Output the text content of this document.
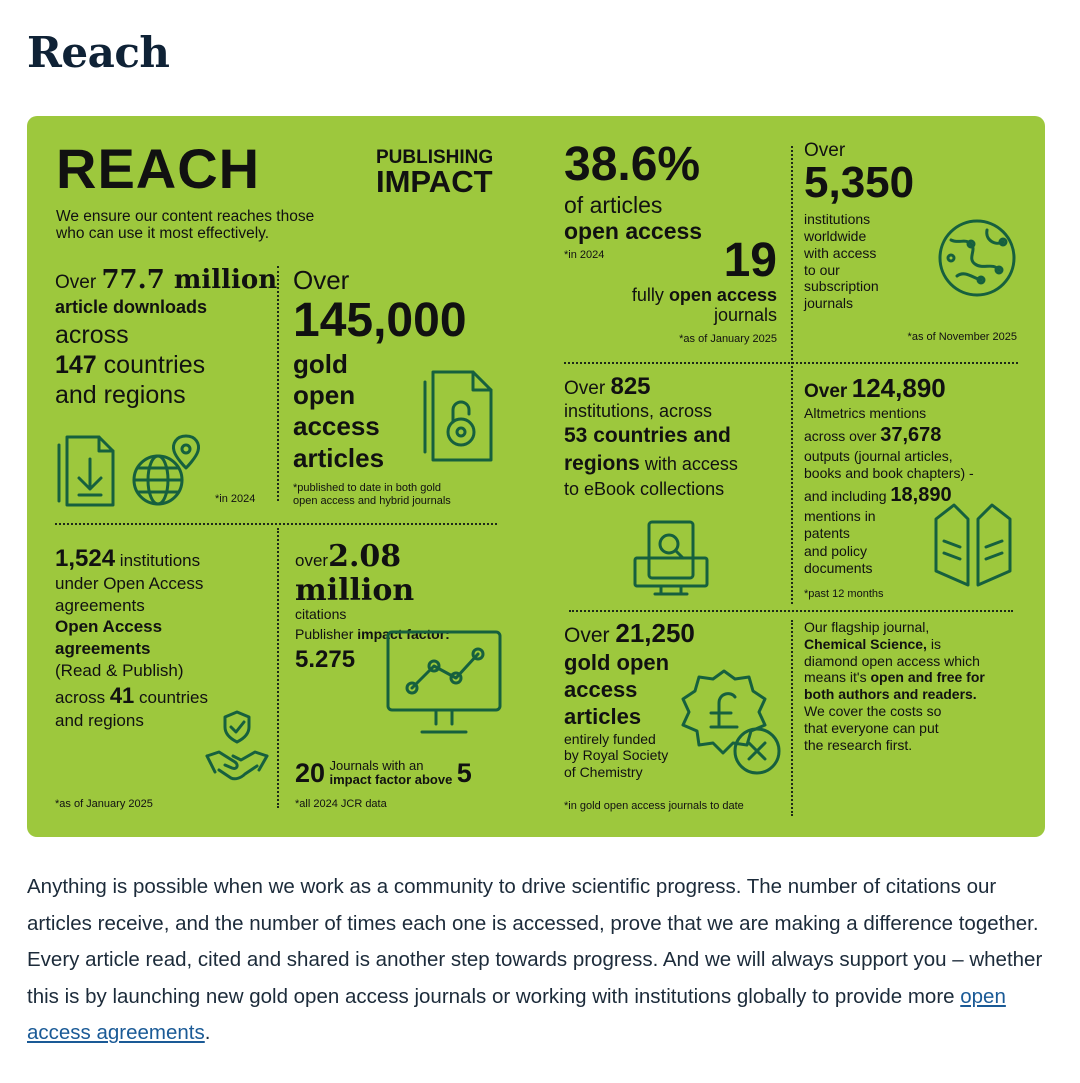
Reach
REACH	PUBLISHING
IMPACT
We ensure our content reaches those
who can use it most effectively.
Over 77.7 million
article downloads
across
147 countries
and regions
*in 2024
Over
145,000
gold
open
access
articles
*published to date in both gold
open access and hybrid journals
38.6%
of articles
open access
*in 2024	19
fully open access
journals
*as of January 2025
Over
5,350
institutions
worldwide
with access
to our
subscription
journals
*as of November 2025
Over 825
institutions, across
53 countries and
regions with access
to eBook collections
Over 124,890
Altmetrics mentions
across over 37,678
outputs (journal articles,
books and book chapters) -
and including 18,890
mentions in
patents
and policy
documents
*past 12 months
1,524 institutions
under Open Access
agreements
Open Access
agreements
(Read & Publish)
across 41 countries
and regions
*as of January 2025
over2.08 million
citations
Publisher impact factor:
5.275
20 Journals with an
impact factor above 5
*all 2024 JCR data
Over 21,250
gold open
access
articles
entirely funded
by Royal Society
of Chemistry
*in gold open access journals to date
Our flagship journal,
Chemical Science, is
diamond open access which
means it's open and free for
both authors and readers.
We cover the costs so
that everyone can put
the research first.

Anything is possible when we work as a community to drive scientific progress. The number of citations our articles receive, and the number of times each one is accessed, prove that we are making a difference together. Every article read, cited and shared is another step towards progress. And we will always support you – whether this is by launching new gold open access journals or working with institutions globally to provide more open access agreements.
